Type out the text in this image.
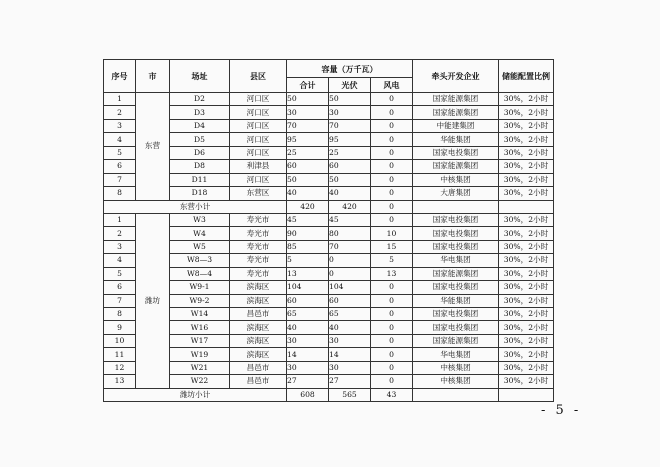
序号	市	场址	县区	容量（万千瓦）			牵头开发企业	储能配置比例
				合计	光伏	风电		
1	东营	D2	河口区	50	50	0	国家能源集团	30%，2小时
2		D3	河口区	30	30	0	国家能源集团	30%，2小时
3		D4	河口区	70	70	0	中能建集团	30%，2小时
4		D5	河口区	95	95	0	华能集团	30%，2小时
5		D6	河口区	25	25	0	国家电投集团	30%，2小时
6		D8	利津县	60	60	0	国家能源集团	30%，2小时
7		D11	河口区	50	50	0	中核集团	30%，2小时
8		D18	东营区	40	40	0	大唐集团	30%，2小时
东营小计				420	420	0		
1	潍坊	W3	寿光市	45	45	0	国家电投集团	30%，2小时
2		W4	寿光市	90	80	10	国家电投集团	30%，2小时
3		W5	寿光市	85	70	15	国家电投集团	30%，2小时
4		W8—3	寿光市	5	0	5	华电集团	30%，2小时
5		W8—4	寿光市	13	0	13	国家能源集团	30%，2小时
6		W9-1	滨海区	104	104	0	国家电投集团	30%，2小时
7		W9-2	滨海区	60	60	0	华能集团	30%，2小时
8		W14	昌邑市	65	65	0	国家电投集团	30%，2小时
9		W16	滨海区	40	40	0	国家电投集团	30%，2小时
10		W17	滨海区	30	30	0	国家能源集团	30%，2小时
11		W19	滨海区	14	14	0	华电集团	30%，2小时
12		W21	昌邑市	30	30	0	中核集团	30%，2小时
13		W22	昌邑市	27	27	0	中核集团	30%，2小时
潍坊小计				608	565	43		
- 5 -
